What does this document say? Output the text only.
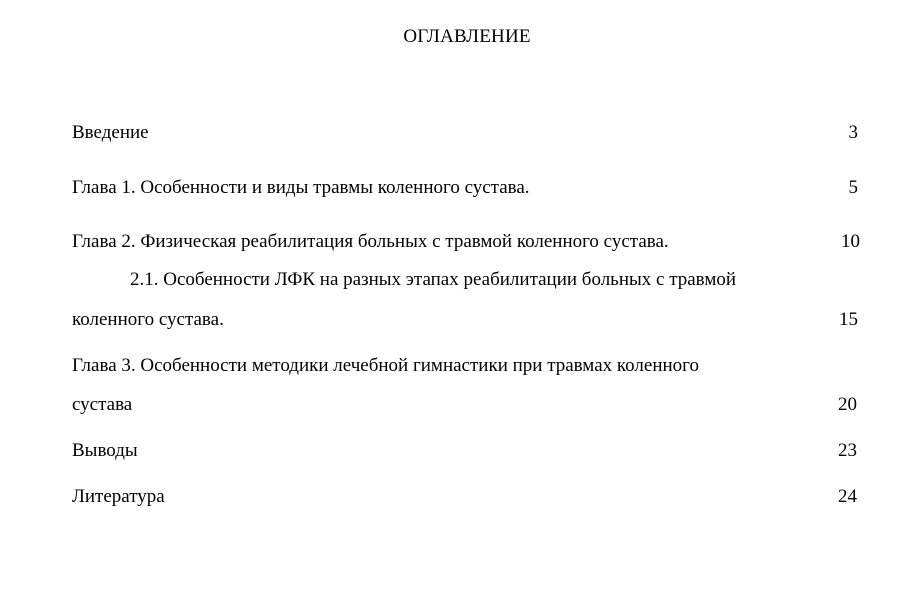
ОГЛАВЛЕНИЕ
Введение	3
Глава 1. Особенности и виды травмы коленного сустава.	5
Глава 2. Физическая реабилитация больных с травмой коленного сустава.	10
2.1. Особенности ЛФК на разных этапах реабилитации больных с травмой
коленного сустава.	15
Глава 3. Особенности методики лечебной гимнастики при травмах коленного
сустава	20
Выводы	23
Литература	24
